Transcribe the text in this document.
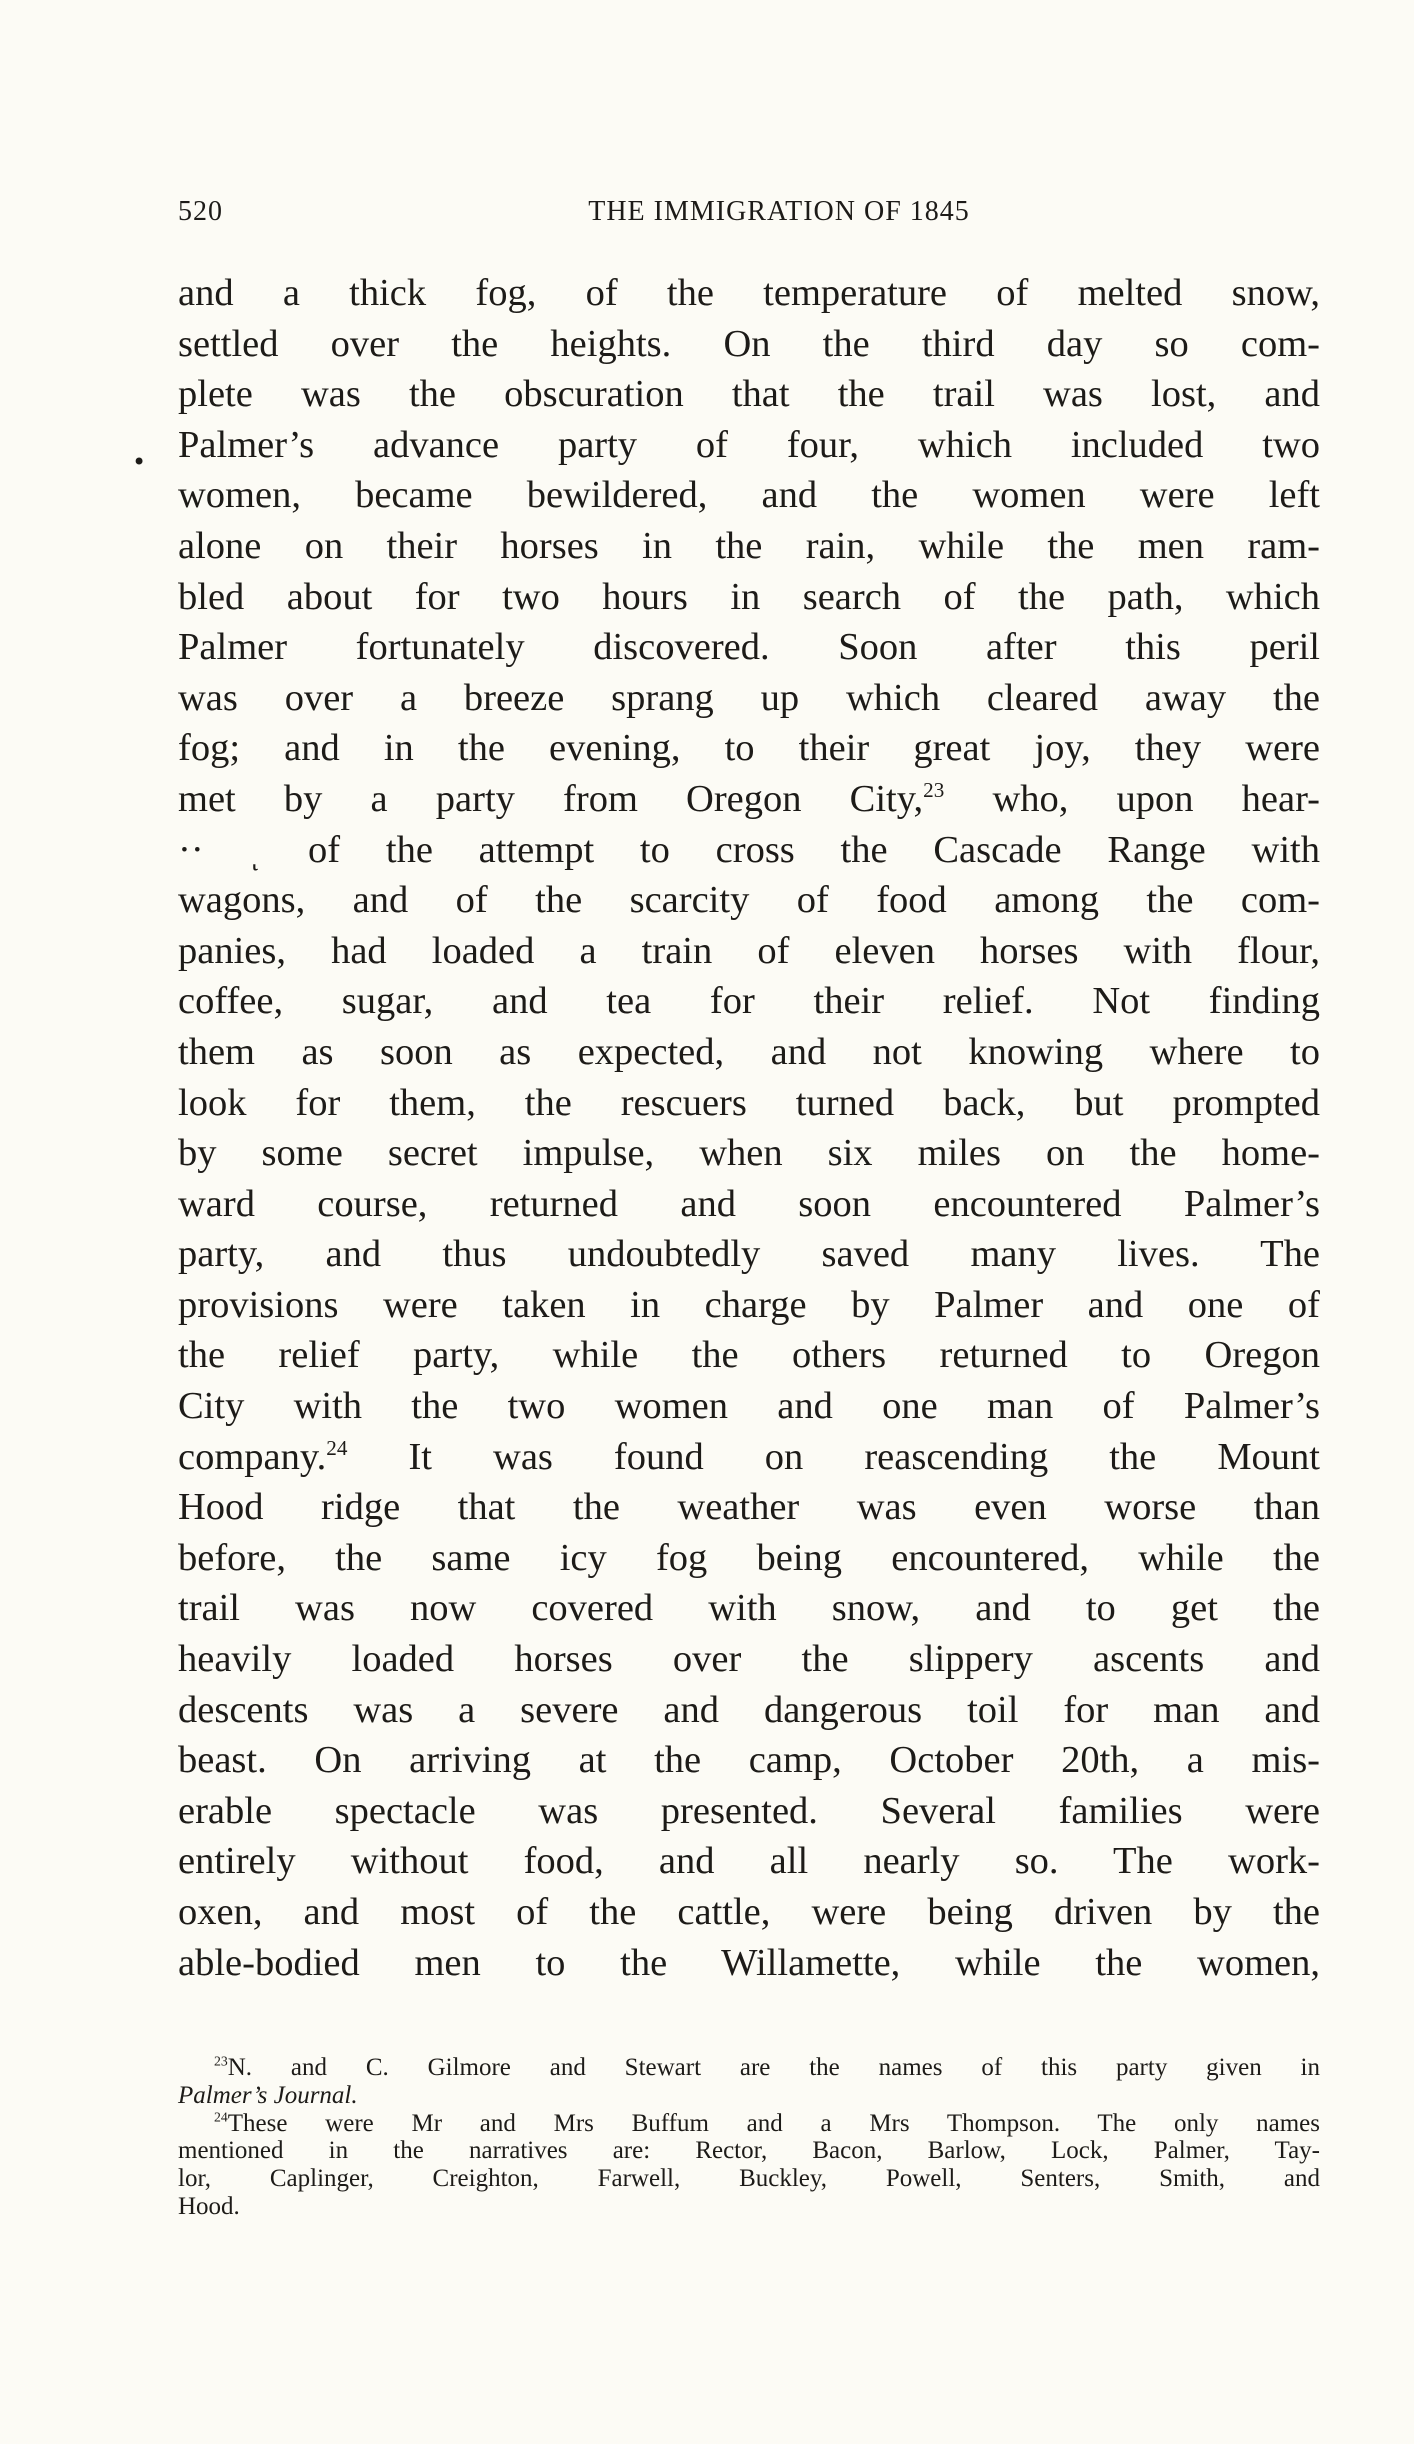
520	THE IMMIGRATION OF 1845
•
and a thick fog, of the temperature of melted snow,
settled over the heights. On the third day so com-
plete was the obscuration that the trail was lost, and
Palmer’s advance party of four, which included two
women, became bewildered, and the women were left
alone on their horses in the rain, while the men ram-
bled about for two hours in search of the path, which
Palmer fortunately discovered. Soon after this peril
was over a breeze sprang up which cleared away the
fog; and in the evening, to their great joy, they were
met by a party from Oregon City,$^{23}$ who, upon hear-
·· ͺ of the attempt to cross the Cascade Range with
wagons, and of the scarcity of food among the com-
panies, had loaded a train of eleven horses with flour,
coffee, sugar, and tea for their relief. Not finding
them as soon as expected, and not knowing where to
look for them, the rescuers turned back, but prompted
by some secret impulse, when six miles on the home-
ward course, returned and soon encountered Palmer’s
party, and thus undoubtedly saved many lives. The
provisions were taken in charge by Palmer and one of
the relief party, while the others returned to Oregon
City with the two women and one man of Palmer’s
company.$^{24}$ It was found on reascending the Mount
Hood ridge that the weather was even worse than
before, the same icy fog being encountered, while the
trail was now covered with snow, and to get the
heavily loaded horses over the slippery ascents and
descents was a severe and dangerous toil for man and
beast. On arriving at the camp, October 20th, a mis-
erable spectacle was presented. Several families were
entirely without food, and all nearly so. The work-
oxen, and most of the cattle, were being driven by the
able-bodied men to the Willamette, while the women,
$^{23}$N. and C. Gilmore and Stewart are the names of this party given in
Palmer’s Journal.
$^{24}$These were Mr and Mrs Buffum and a Mrs Thompson. The only names
mentioned in the narratives are: Rector, Bacon, Barlow, Lock, Palmer, Tay-
lor, Caplinger, Creighton, Farwell, Buckley, Powell, Senters, Smith, and
Hood.
